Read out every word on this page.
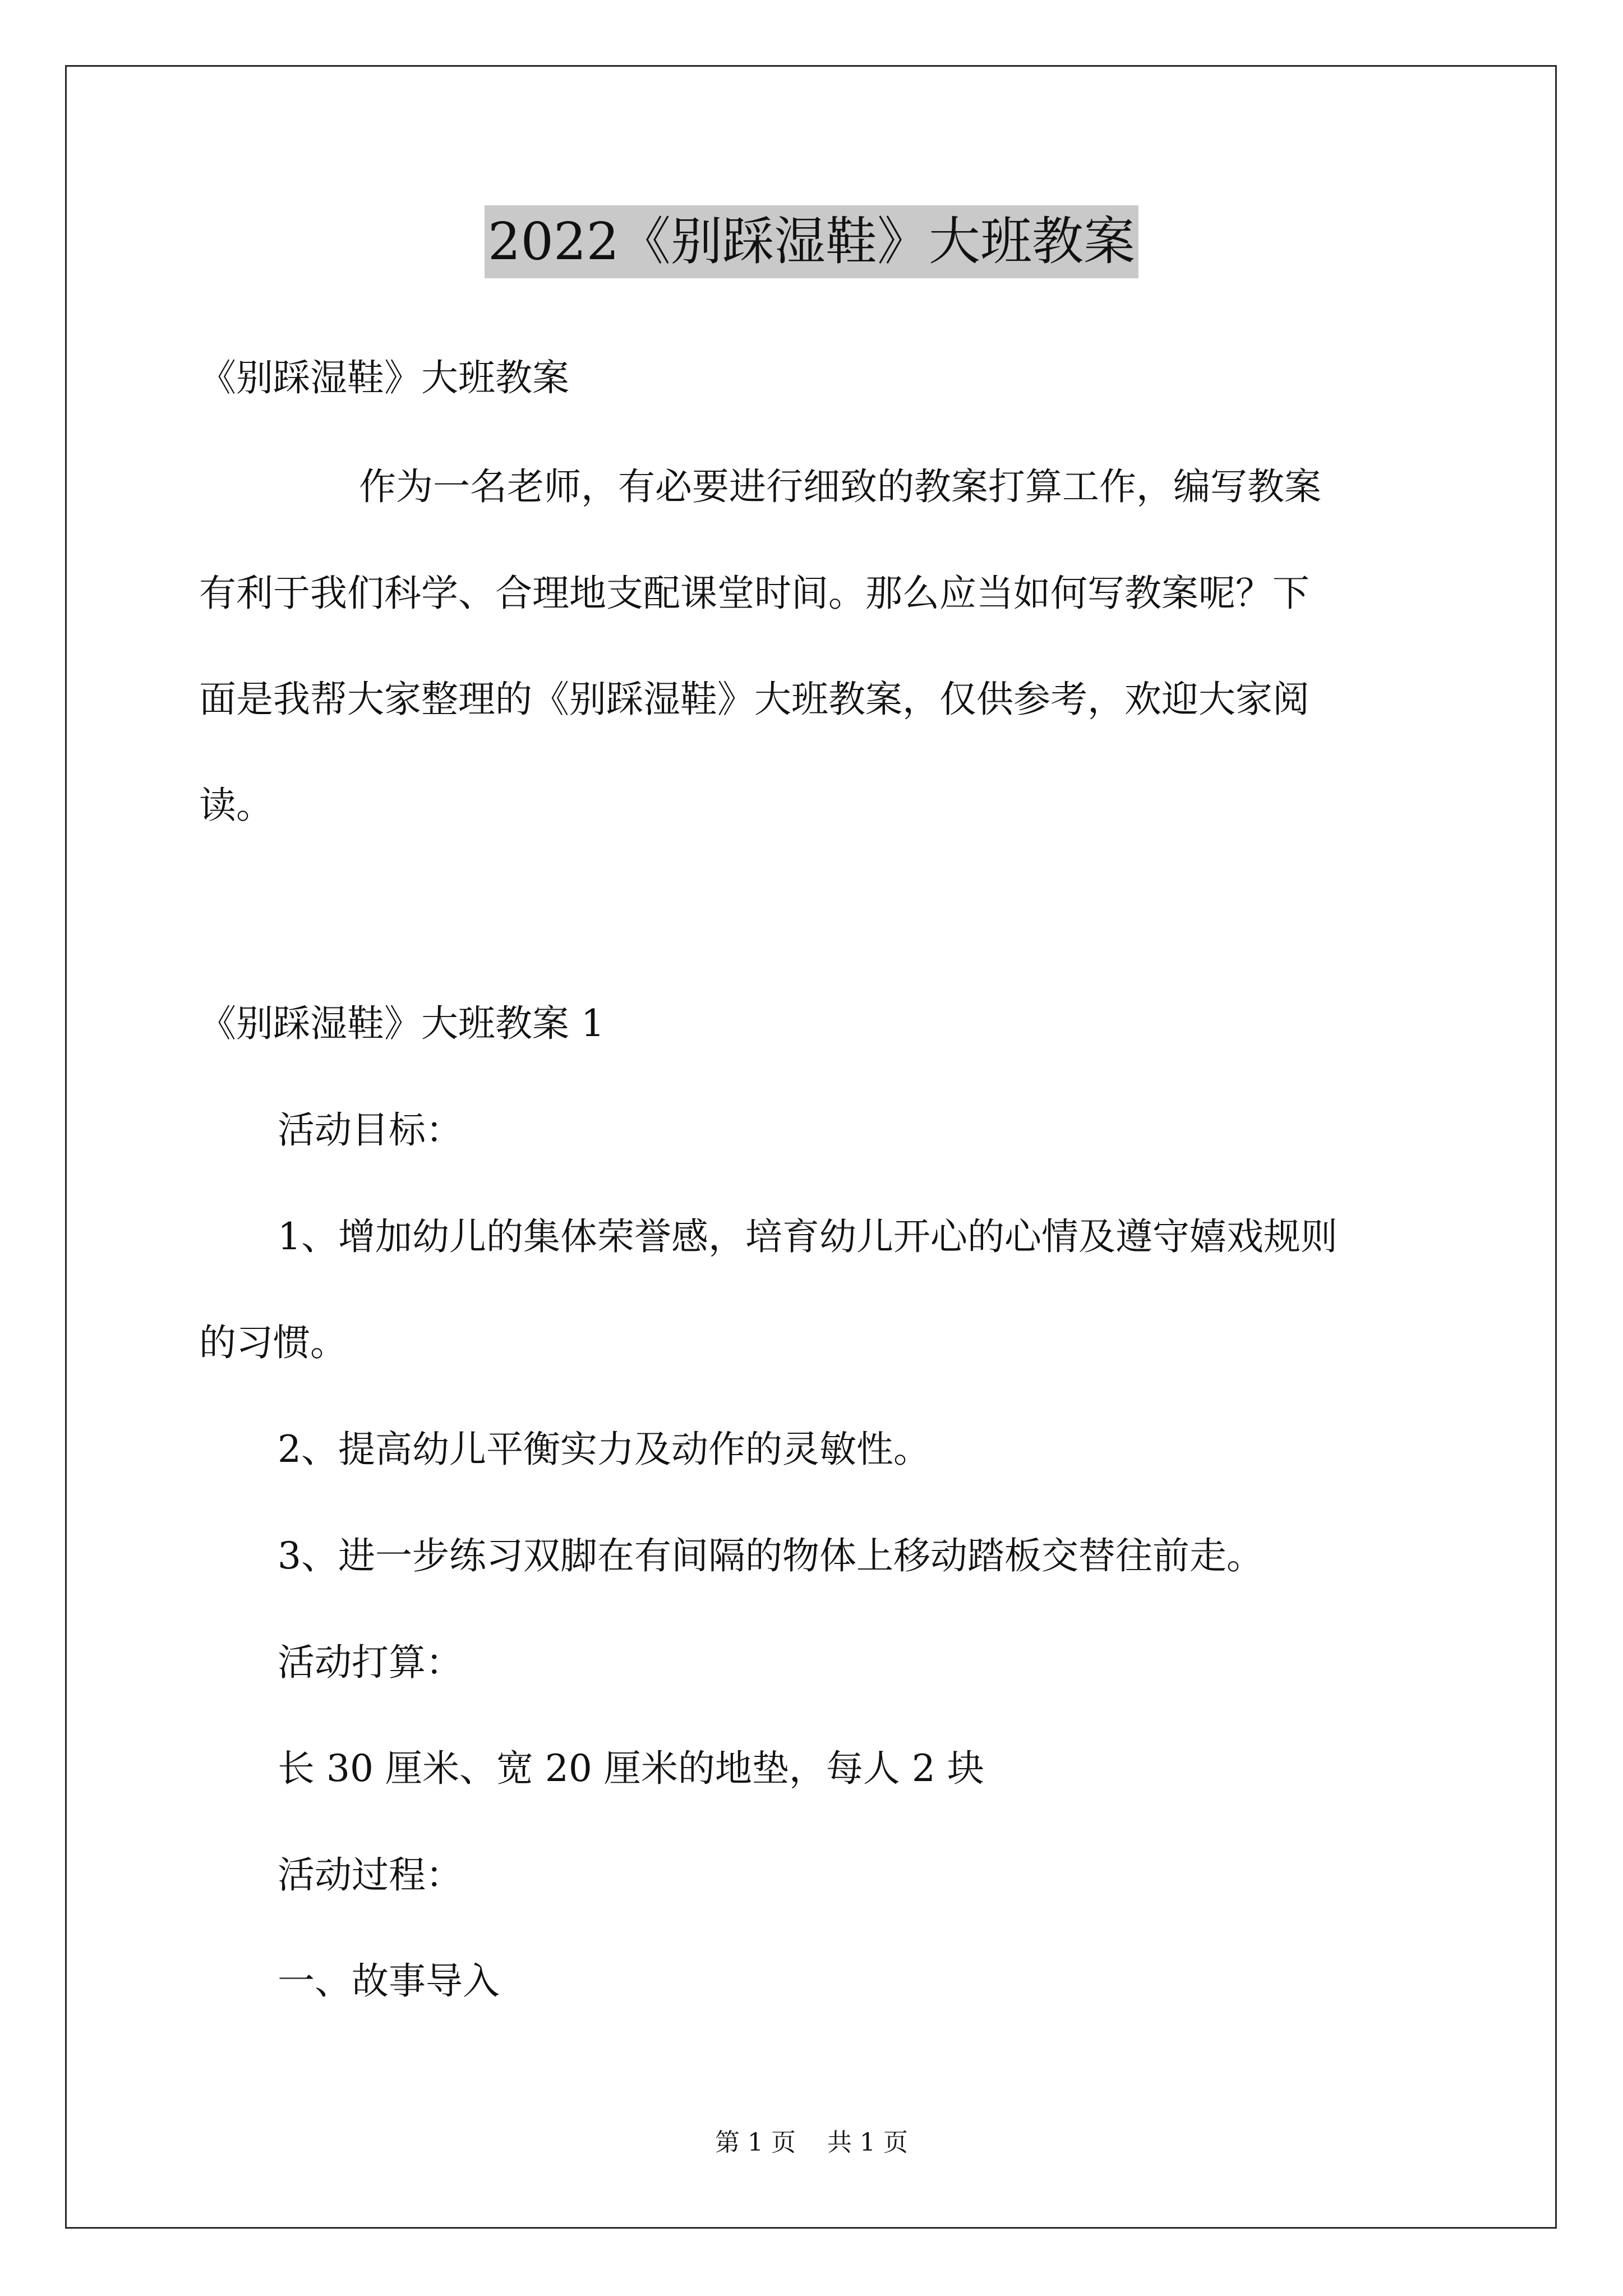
2022《别踩湿鞋》大班教案
《别踩湿鞋》大班教案
作为一名老师，有必要进行细致的教案打算工作，编写教案
有利于我们科学、合理地支配课堂时间。那么应当如何写教案呢？下
面是我帮大家整理的《别踩湿鞋》大班教案，仅供参考，欢迎大家阅
读。
《别踩湿鞋》大班教案 1
活动目标：
1、增加幼儿的集体荣誉感，培育幼儿开心的心情及遵守嬉戏规则
的习惯。
2、提高幼儿平衡实力及动作的灵敏性。
3、进一步练习双脚在有间隔的物体上移动踏板交替往前走。
活动打算：
长 30 厘米、宽 20 厘米的地垫，每人 2 块
活动过程：
一、故事导入
第 1 页 共 1 页
